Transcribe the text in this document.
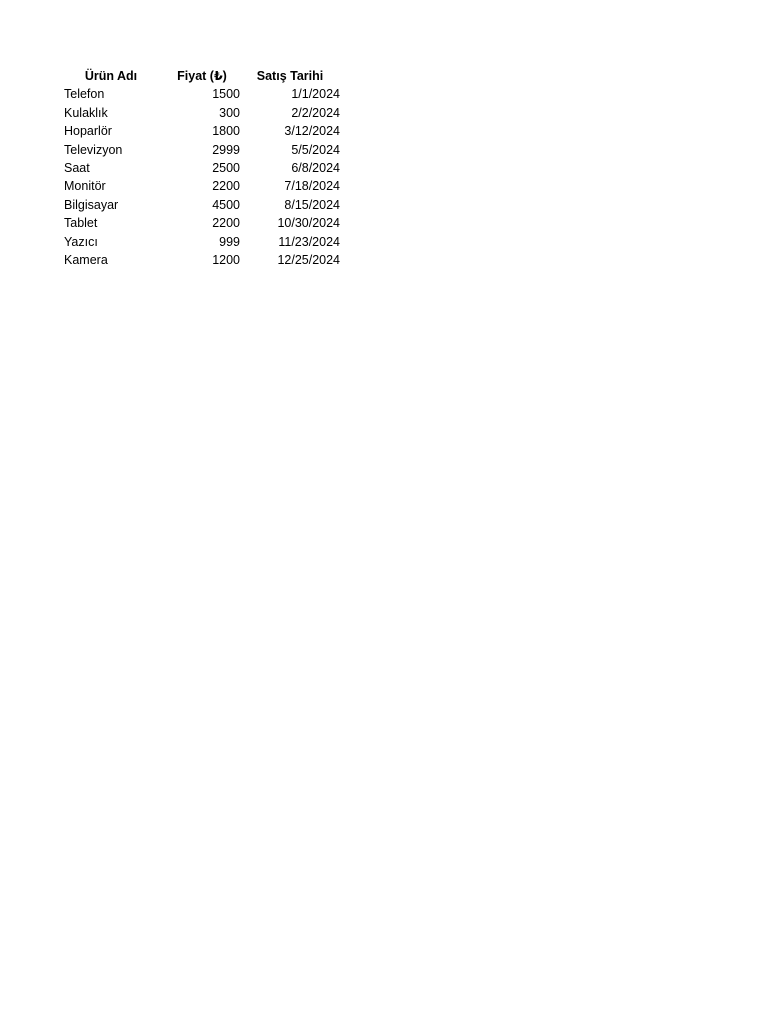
Ürün Adı	Fiyat (₺)	Satış Tarihi
Telefon	1500	1/1/2024
Kulaklık	300	2/2/2024
Hoparlör	1800	3/12/2024
Televizyon	2999	5/5/2024
Saat	2500	6/8/2024
Monitör	2200	7/18/2024
Bilgisayar	4500	8/15/2024
Tablet	2200	10/30/2024
Yazıcı	999	11/23/2024
Kamera	1200	12/25/2024
